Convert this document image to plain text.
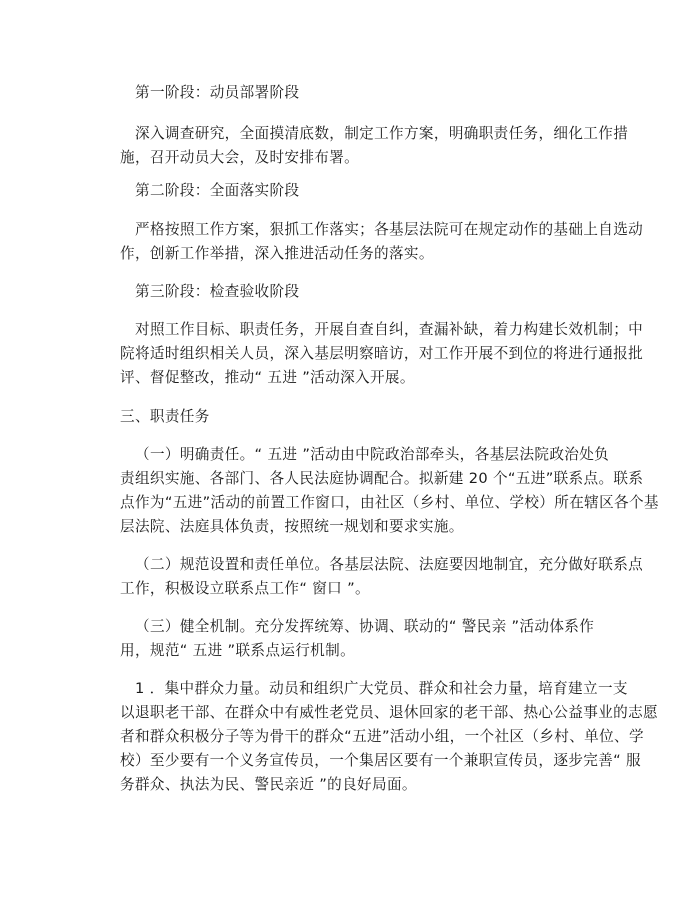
第一阶段：动员部署阶段
深入调查研究，全面摸清底数，制定工作方案，明确职责任务，细化工作措
施，召开动员大会，及时安排布署。
第二阶段：全面落实阶段
严格按照工作方案，狠抓工作落实；各基层法院可在规定动作的基础上自选动
作，创新工作举措，深入推进活动任务的落实。
第三阶段：检查验收阶段
对照工作目标、职责任务，开展自查自纠，查漏补缺，着力构建长效机制；中
院将适时组织相关人员，深入基层明察暗访，对工作开展不到位的将进行通报批
评、督促整改，推动“ 五进 ”活动深入开展。
三、职责任务
（一）明确责任。“ 五进 ”活动由中院政治部牵头，各基层法院政治处负
责组织实施、各部门、各人民法庭协调配合。拟新建 20 个“五进”联系点。联系
点作为“五进”活动的前置工作窗口，由社区（乡村、单位、学校）所在辖区各个基
层法院、法庭具体负责，按照统一规划和要求实施。
（二）规范设置和责任单位。各基层法院、法庭要因地制宜，充分做好联系点
工作，积极设立联系点工作“ 窗口 ”。
（三）健全机制。充分发挥统筹、协调、联动的“ 警民亲 ”活动体系作
用，规范“ 五进 ”联系点运行机制。
1 ．集中群众力量。动员和组织广大党员、群众和社会力量，培育建立一支
以退职老干部、在群众中有威性老党员、退休回家的老干部、热心公益事业的志愿
者和群众积极分子等为骨干的群众“五进”活动小组，一个社区（乡村、单位、学
校）至少要有一个义务宣传员，一个集居区要有一个兼职宣传员，逐步完善“ 服
务群众、执法为民、警民亲近 ”的良好局面。
